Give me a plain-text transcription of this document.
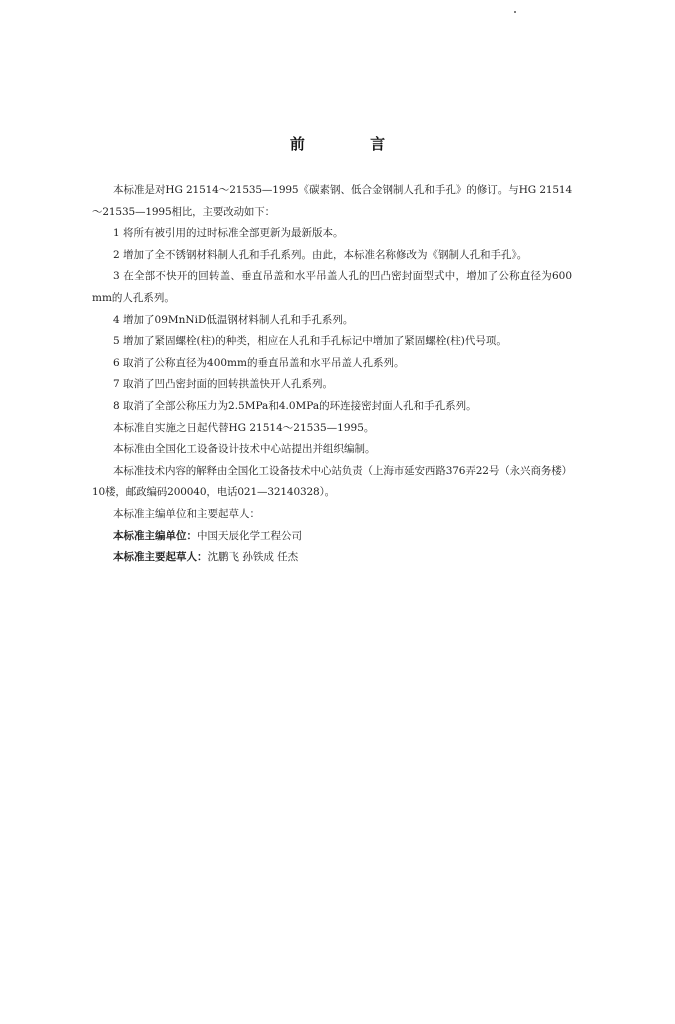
前 言

本标准是对HG 21514～21535—1995《碳素钢、低合金钢制人孔和手孔》的修订。与HG 21514～21535—1995相比，主要改动如下：

1 将所有被引用的过时标准全部更新为最新版本。

2 增加了全不锈钢材料制人孔和手孔系列。由此，本标准名称修改为《钢制人孔和手孔》。

3 在全部不快开的回转盖、垂直吊盖和水平吊盖人孔的凹凸密封面型式中，增加了公称直径为600mm的人孔系列。

4 增加了09MnNiD低温钢材料制人孔和手孔系列。

5 增加了紧固螺栓(柱)的种类，相应在人孔和手孔标记中增加了紧固螺栓(柱)代号项。

6 取消了公称直径为400mm的垂直吊盖和水平吊盖人孔系列。

7 取消了凹凸密封面的回转拱盖快开人孔系列。

8 取消了全部公称压力为2.5MPa和4.0MPa的环连接密封面人孔和手孔系列。

本标准自实施之日起代替HG 21514～21535—1995。

本标准由全国化工设备设计技术中心站提出并组织编制。

本标准技术内容的解释由全国化工设备技术中心站负责（上海市延安西路376弄22号（永兴商务楼）10楼，邮政编码200040，电话021—32140328）。

本标准主编单位和主要起草人：

本标准主编单位：中国天辰化学工程公司

本标准主要起草人：沈鹏飞 孙铁成 任杰
